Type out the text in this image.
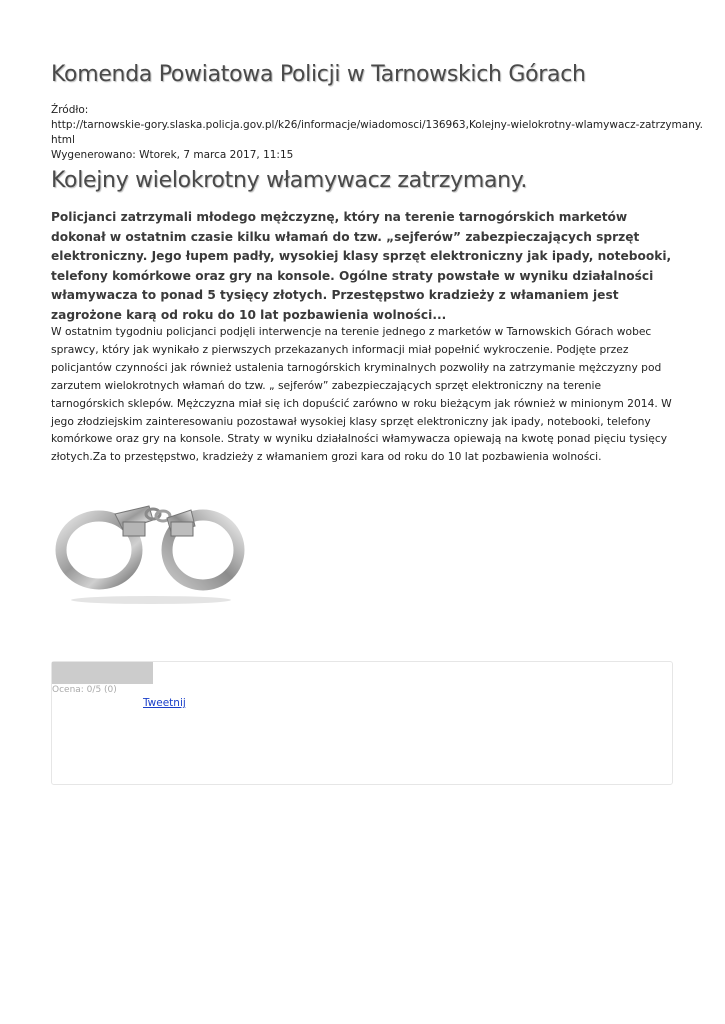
Komenda Powiatowa Policji w Tarnowskich Górach
Źródło:
http://tarnowskie-gory.slaska.policja.gov.pl/k26/informacje/wiadomosci/136963,Kolejny-wielokrotny-wlamywacz-zatrzymany.
html
Wygenerowano: Wtorek, 7 marca 2017, 11:15
Kolejny wielokrotny włamywacz zatrzymany.

Policjanci zatrzymali młodego mężczyznę, który na terenie tarnogórskich marketów dokonał w ostatnim czasie kilku włamań do tzw. „sejferów” zabezpieczających sprzęt elektroniczny. Jego łupem padły, wysokiej klasy sprzęt elektroniczny jak ipady, notebooki, telefony komórkowe oraz gry na konsole. Ogólne straty powstałe w wyniku działalności włamywacza to ponad 5 tysięcy złotych. Przestępstwo kradzieży z włamaniem jest zagrożone karą od roku do 10 lat pozbawienia wolności...

W ostatnim tygodniu policjanci podjęli interwencje na terenie jednego z marketów w Tarnowskich Górach wobec sprawcy, który jak wynikało z pierwszych przekazanych informacji miał popełnić wykroczenie. Podjęte przez policjantów czynności jak również ustalenia tarnogórskich kryminalnych pozwoliły na zatrzymanie mężczyzny pod zarzutem wielokrotnych włamań do tzw. „ sejferów” zabezpieczających sprzęt elektroniczny na terenie tarnogórskich sklepów. Mężczyzna miał się ich dopuścić zarówno w roku bieżącym jak również w minionym 2014. W jego złodziejskim zainteresowaniu pozostawał wysokiej klasy sprzęt elektroniczny jak ipady, notebooki, telefony komórkowe oraz gry na konsole. Straty w wyniku działalności włamywacza opiewają na kwotę ponad pięciu tysięcy złotych.Za to przestępstwo, kradzieży z włamaniem grozi kara od roku do 10 lat pozbawienia wolności.

Ocena: 0/5 (0)
Tweetnij
